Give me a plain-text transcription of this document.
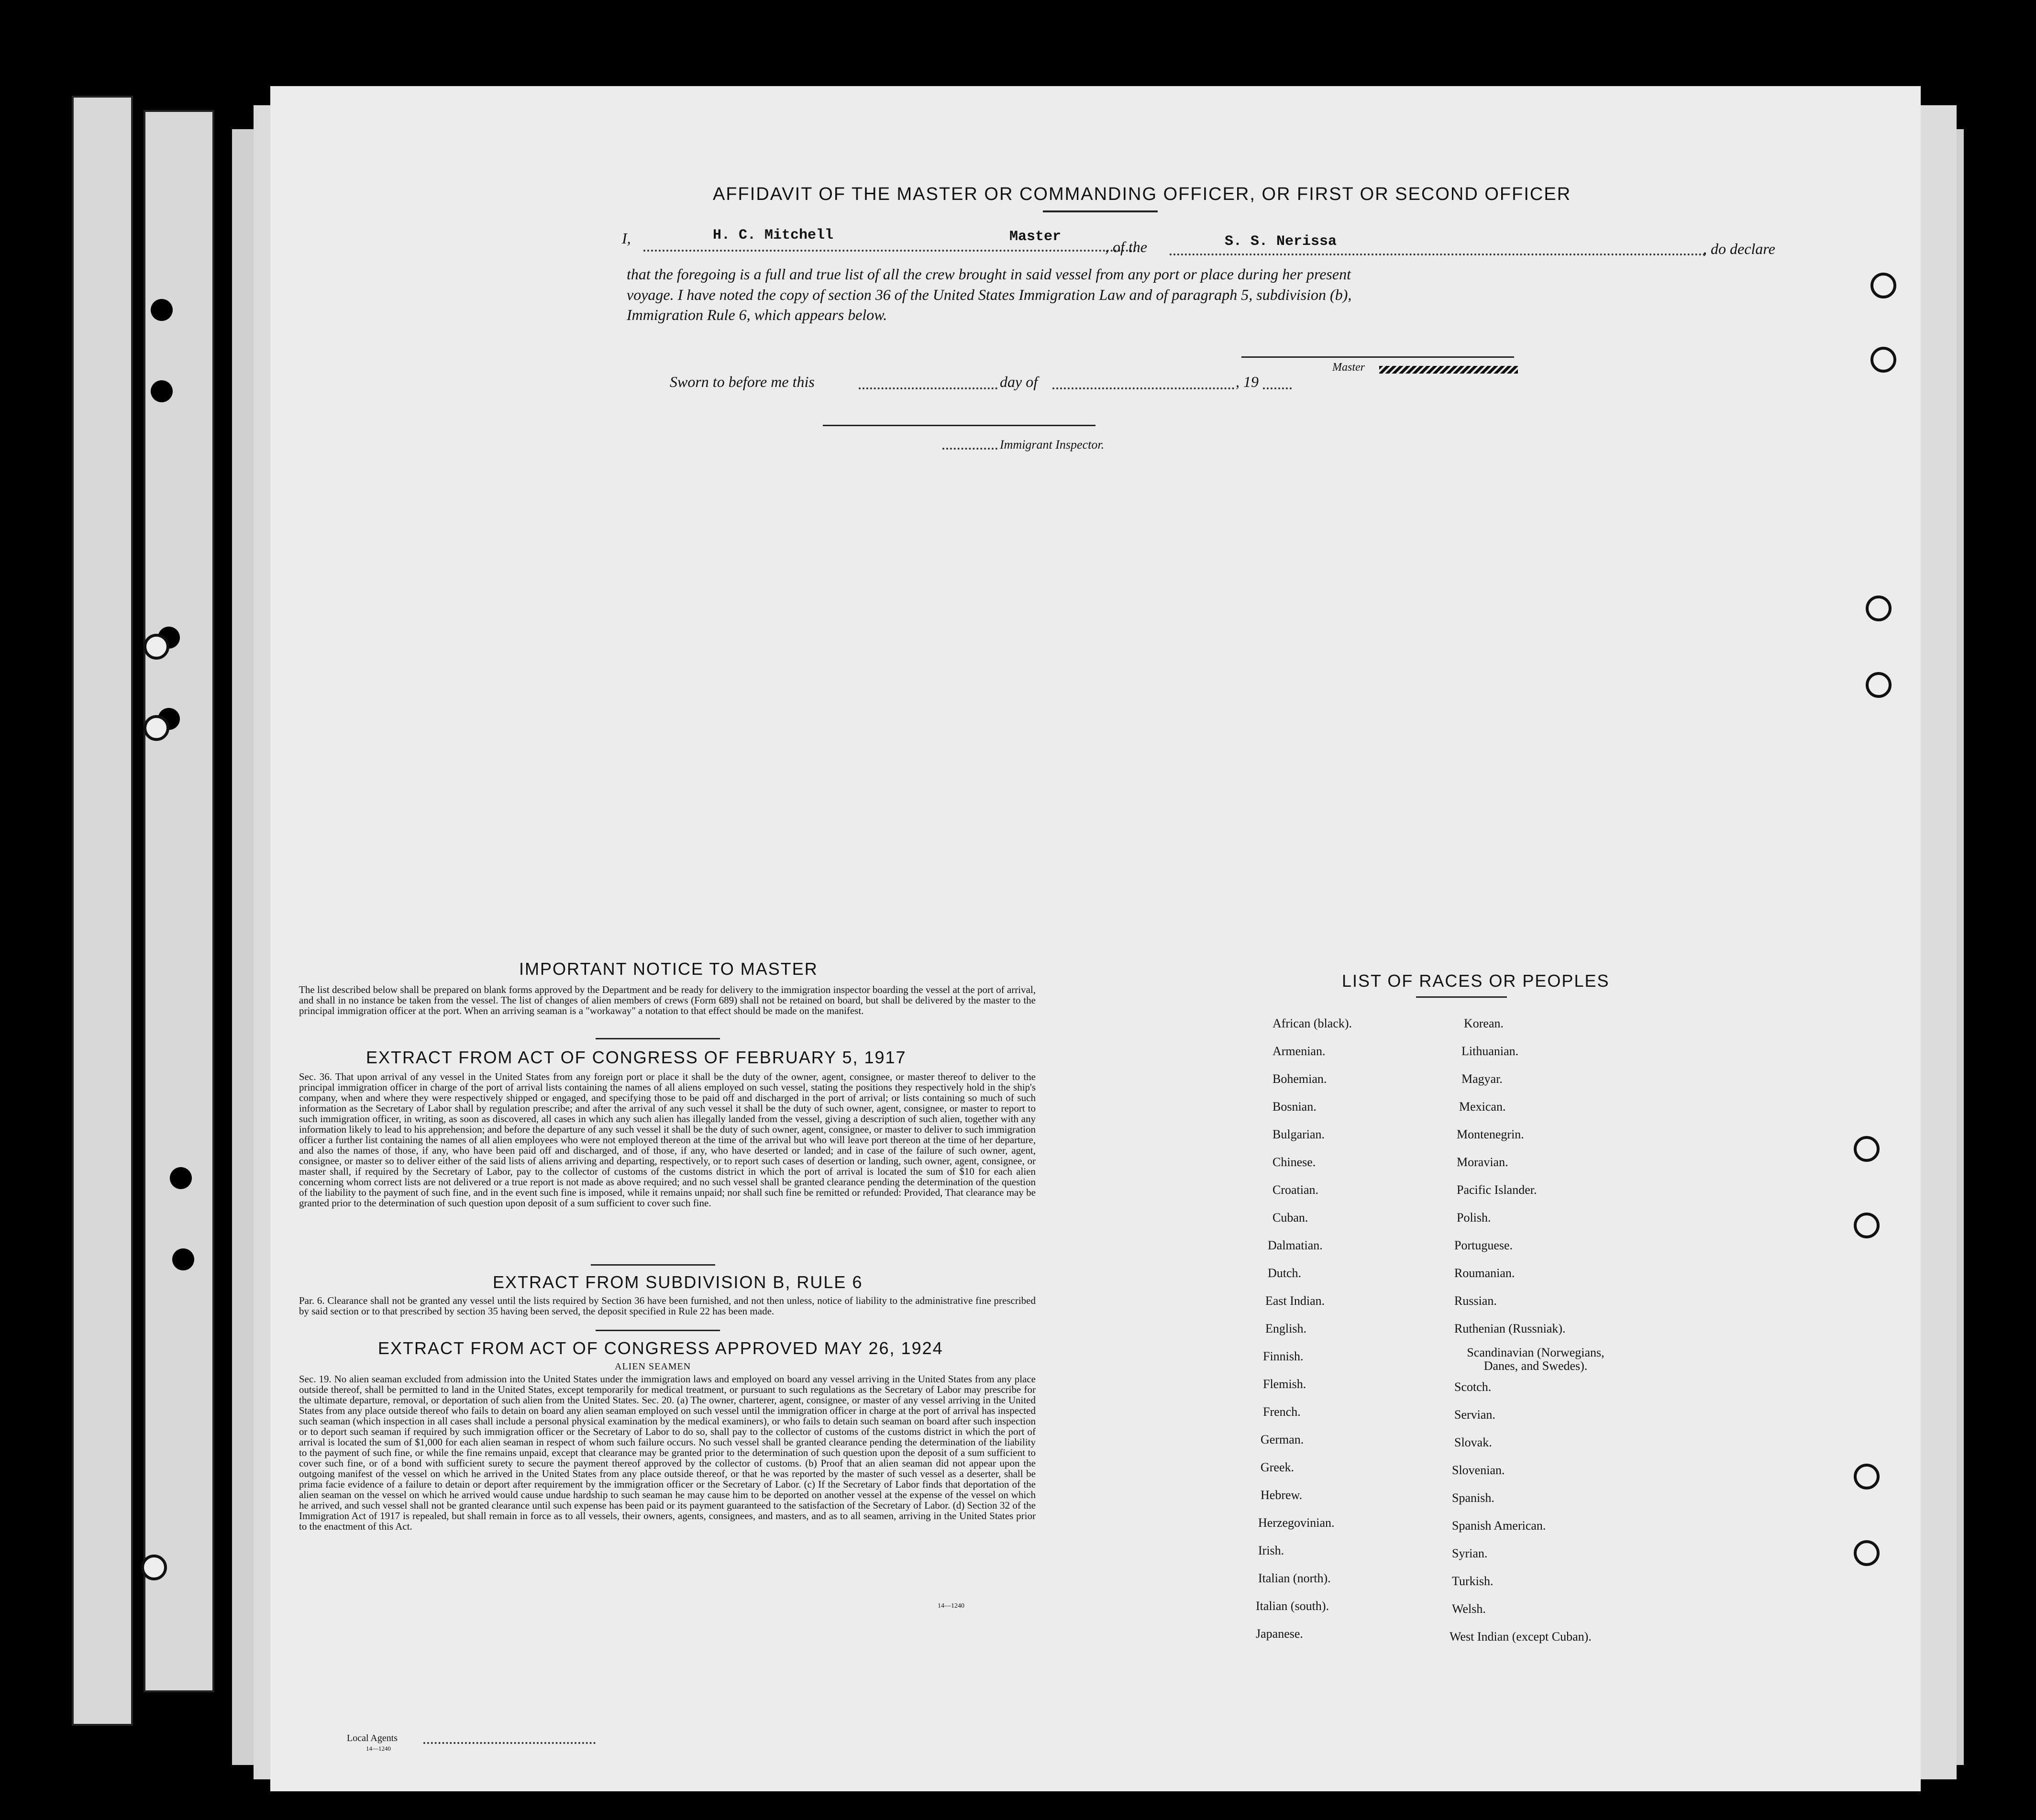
AFFIDAVIT OF THE MASTER OR COMMANDING OFFICER, OR FIRST OR SECOND OFFICER
I,	H. C. Mitchell	Master
, of the	S. S. Nerissa	, do declare
that the foregoing is a full and true list of all the crew brought in said vessel from any port or place during her present
voyage. I have noted the copy of section 36 of the United States Immigration Law and of paragraph 5, subdivision (b),
Immigration Rule 6, which appears below.
Master
Sworn to before me this	day of	, 19
Immigrant Inspector.
IMPORTANT NOTICE TO MASTER
The list described below shall be prepared on blank forms approved by the Department and be ready for delivery to the immigration inspector boarding the vessel at the port of arrival, and shall in no instance be taken from the vessel. The list of changes of alien members of crews (Form 689) shall not be retained on board, but shall be delivered by the master to the principal immigration officer at the port. When an arriving seaman is a "workaway" a notation to that effect should be made on the manifest.
EXTRACT FROM ACT OF CONGRESS OF FEBRUARY 5, 1917
Sec. 36. That upon arrival of any vessel in the United States from any foreign port or place it shall be the duty of the owner, agent, consignee, or master thereof to deliver to the principal immigration officer in charge of the port of arrival lists containing the names of all aliens employed on such vessel, stating the positions they respectively hold in the ship's company, when and where they were respectively shipped or engaged, and specifying those to be paid off and discharged in the port of arrival; or lists containing so much of such information as the Secretary of Labor shall by regulation prescribe; and after the arrival of any such vessel it shall be the duty of such owner, agent, consignee, or master to report to such immigration officer, in writing, as soon as discovered, all cases in which any such alien has illegally landed from the vessel, giving a description of such alien, together with any information likely to lead to his apprehension; and before the departure of any such vessel it shall be the duty of such owner, agent, consignee, or master to deliver to such immigration officer a further list containing the names of all alien employees who were not employed thereon at the time of the arrival but who will leave port thereon at the time of her departure, and also the names of those, if any, who have been paid off and discharged, and of those, if any, who have deserted or landed; and in case of the failure of such owner, agent, consignee, or master so to deliver either of the said lists of aliens arriving and departing, respectively, or to report such cases of desertion or landing, such owner, agent, consignee, or master shall, if required by the Secretary of Labor, pay to the collector of customs of the customs district in which the port of arrival is located the sum of $10 for each alien concerning whom correct lists are not delivered or a true report is not made as above required; and no such vessel shall be granted clearance pending the determination of the question of the liability to the payment of such fine, and in the event such fine is imposed, while it remains unpaid; nor shall such fine be remitted or refunded: Provided, That clearance may be granted prior to the determination of such question upon deposit of a sum sufficient to cover such fine.
EXTRACT FROM SUBDIVISION B, RULE 6
Par. 6. Clearance shall not be granted any vessel until the lists required by Section 36 have been furnished, and not then unless, notice of liability to the administrative fine prescribed by said section or to that prescribed by section 35 having been served, the deposit specified in Rule 22 has been made.
EXTRACT FROM ACT OF CONGRESS APPROVED MAY 26, 1924
ALIEN SEAMEN
Sec. 19. No alien seaman excluded from admission into the United States under the immigration laws and employed on board any vessel arriving in the United States from any place outside thereof, shall be permitted to land in the United States, except temporarily for medical treatment, or pursuant to such regulations as the Secretary of Labor may prescribe for the ultimate departure, removal, or deportation of such alien from the United States. Sec. 20. (a) The owner, charterer, agent, consignee, or master of any vessel arriving in the United States from any place outside thereof who fails to detain on board any alien seaman employed on such vessel until the immigration officer in charge at the port of arrival has inspected such seaman (which inspection in all cases shall include a personal physical examination by the medical examiners), or who fails to detain such seaman on board after such inspection or to deport such seaman if required by such immigration officer or the Secretary of Labor to do so, shall pay to the collector of customs of the customs district in which the port of arrival is located the sum of $1,000 for each alien seaman in respect of whom such failure occurs. No such vessel shall be granted clearance pending the determination of the liability to the payment of such fine, or while the fine remains unpaid, except that clearance may be granted prior to the determination of such question upon the deposit of a sum sufficient to cover such fine, or of a bond with sufficient surety to secure the payment thereof approved by the collector of customs. (b) Proof that an alien seaman did not appear upon the outgoing manifest of the vessel on which he arrived in the United States from any place outside thereof, or that he was reported by the master of such vessel as a deserter, shall be prima facie evidence of a failure to detain or deport after requirement by the immigration officer or the Secretary of Labor. (c) If the Secretary of Labor finds that deportation of the alien seaman on the vessel on which he arrived would cause undue hardship to such seaman he may cause him to be deported on another vessel at the expense of the vessel on which he arrived, and such vessel shall not be granted clearance until such expense has been paid or its payment guaranteed to the satisfaction of the Secretary of Labor. (d) Section 32 of the Immigration Act of 1917 is repealed, but shall remain in force as to all vessels, their owners, agents, consignees, and masters, and as to all seamen, arriving in the United States prior to the enactment of this Act.
14—1240
LIST OF RACES OR PEOPLES
African (black).
Armenian.
Bohemian.
Bosnian.
Bulgarian.
Chinese.
Croatian.
Cuban.
Dalmatian.
Dutch.
East Indian.
English.
Finnish.
Flemish.
French.
German.
Greek.
Hebrew.
Herzegovinian.
Irish.
Italian (north).
Italian (south).
Japanese.
Korean.
Lithuanian.
Magyar.
Mexican.
Montenegrin.
Moravian.
Pacific Islander.
Polish.
Portuguese.
Roumanian.
Russian.
Ruthenian (Russniak).
Scandinavian (Norwegians, Danes, and Swedes).
Scotch.
Servian.
Slovak.
Slovenian.
Spanish.
Spanish American.
Syrian.
Turkish.
Welsh.
West Indian (except Cuban).
Local Agents
14—1240
